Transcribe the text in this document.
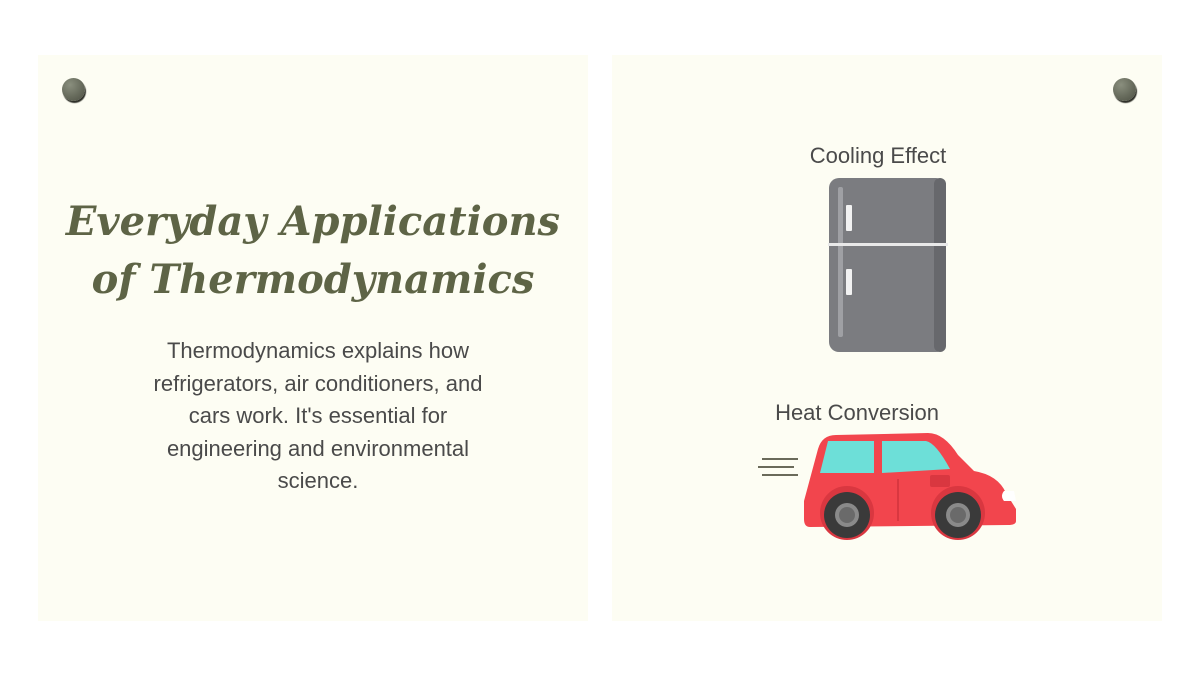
Everyday Applications
of Thermodynamics
Thermodynamics explains how refrigerators, air conditioners, and cars work. It's essential for engineering and environmental science.
Cooling Effect
Heat Conversion
